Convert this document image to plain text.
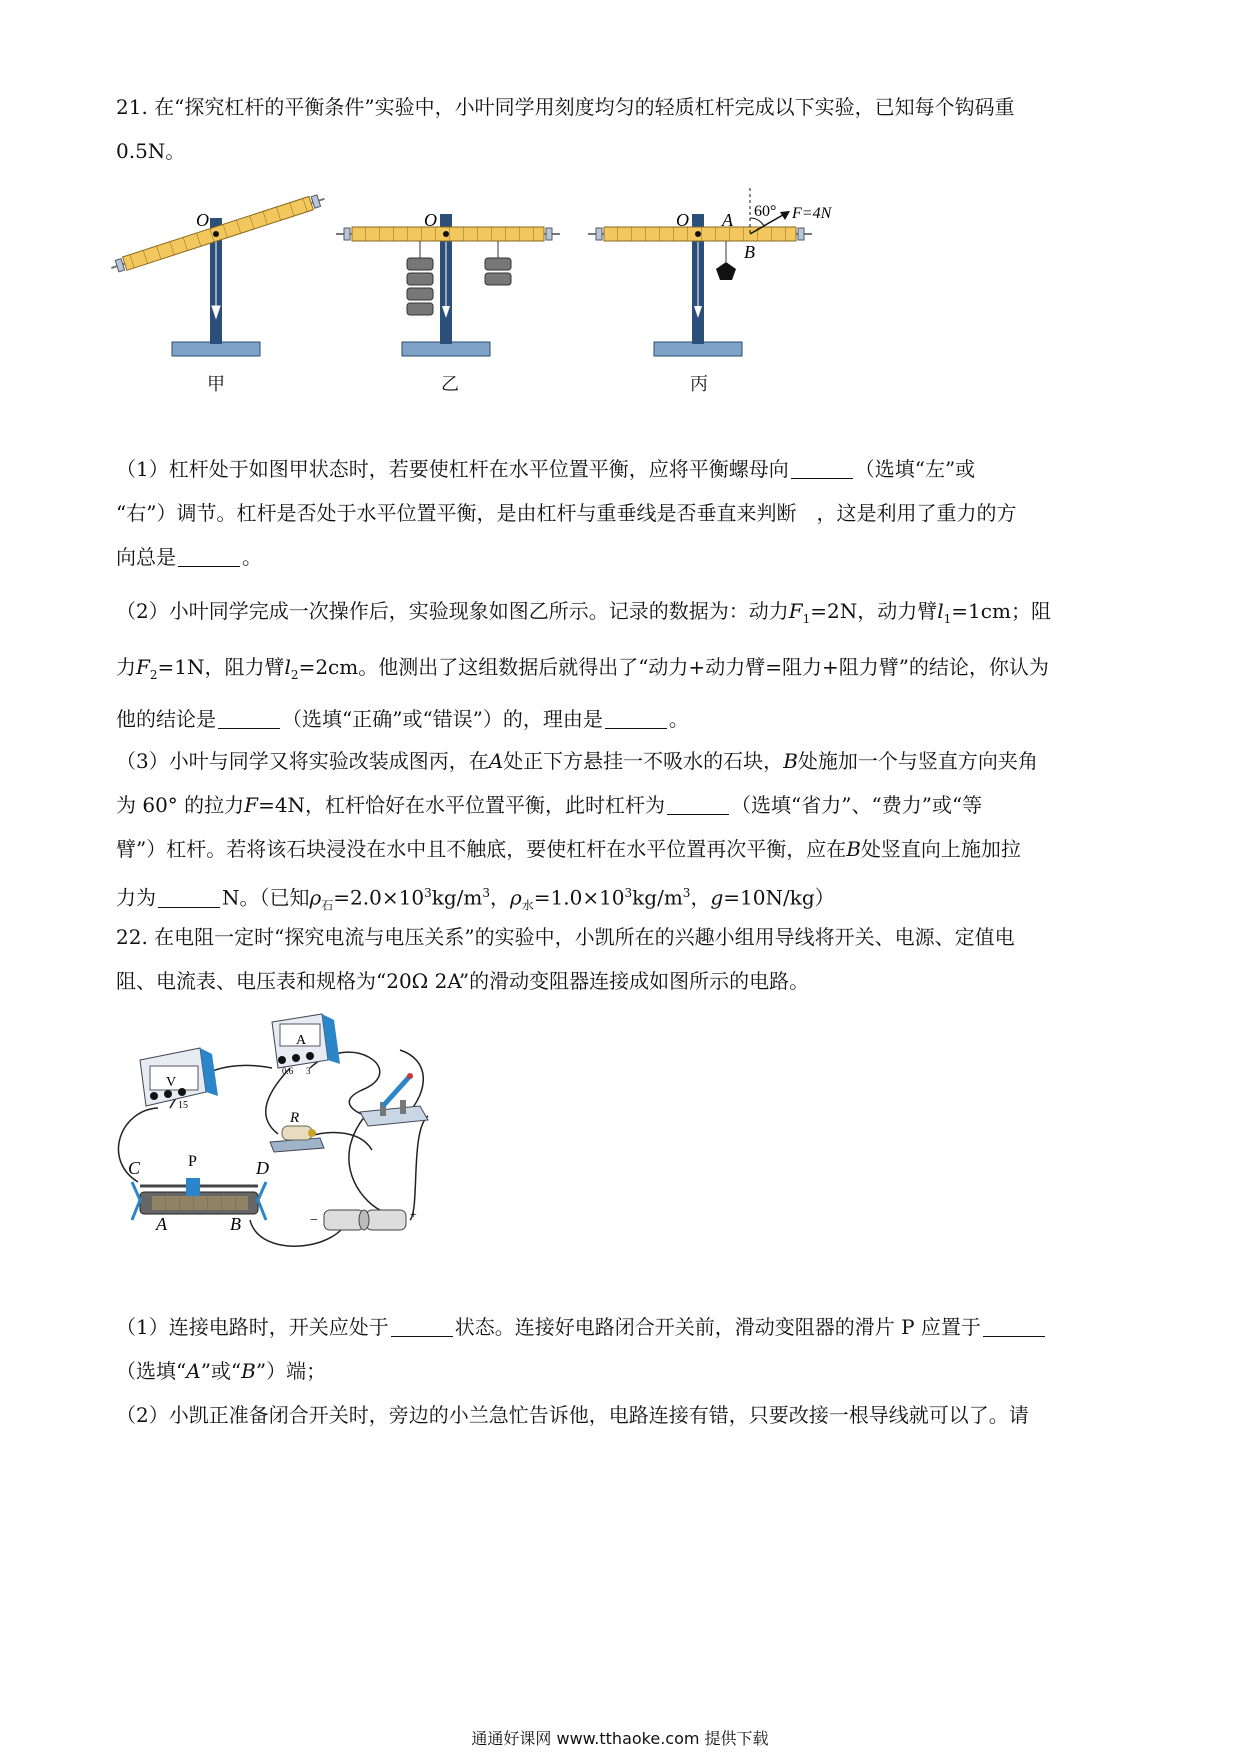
21. 在“探究杠杆的平衡条件”实验中，小叶同学用刻度均匀的轻质杠杆完成以下实验，已知每个钩码重
0.5N。
O	O	O A
B
60° F=4N
甲	乙	丙
（1）杠杆处于如图甲状态时，若要使杠杆在水平位置平衡，应将平衡螺母向	（选填“左”或
“右”）调节。杠杆是否处于水平位置平衡，是由杠杆与重垂线是否垂直来判断　，这是利用了重力的方
向总是	。
（2）小叶同学完成一次操作后，实验现象如图乙所示。记录的数据为：动力$F_1=2N$，动力臂$l_1=1cm$；阻
力$F_2=1N$，阻力臂$l_2=2cm$。他测出了这组数据后就得出了“动力+动力臂=阻力+阻力臂”的结论，你认为
他的结论是	（选填“正确”或“错误”）的，理由是	。
（3）小叶与同学又将实验改装成图丙，在A处正下方悬挂一不吸水的石块，B处施加一个与竖直方向夹角
为 60° 的拉力F=4N，杠杆恰好在水平位置平衡，此时杠杆为	（选填“省力”、“费力”或“等
臂”）杠杆。若将该石块浸没在水中且不触底，要使杠杆在水平位置再次平衡，应在B处竖直向上施加拉
力为	N。（已知$\rho_石=2.0\times 10^3kg/m^3$，$\rho_水=1.0\times 10^3kg/m^3$，g=10N/kg）
22. 在电阻一定时“探究电流与电压关系”的实验中，小凯所在的兴趣小组用导线将开关、电源、定值电
阻、电流表、电压表和规格为“20Ω 2A”的滑动变阻器连接成如图所示的电路。
V
15
A
0.6 3
R
C	P	D
A	B	−	+
（1）连接电路时，开关应处于	状态。连接好电路闭合开关前，滑动变阻器的滑片 P 应置于
（选填“A”或“B”）端；
（2）小凯正准备闭合开关时，旁边的小兰急忙告诉他，电路连接有错，只要改接一根导线就可以了。请
通通好课网 www.tthaoke.com 提供下载
